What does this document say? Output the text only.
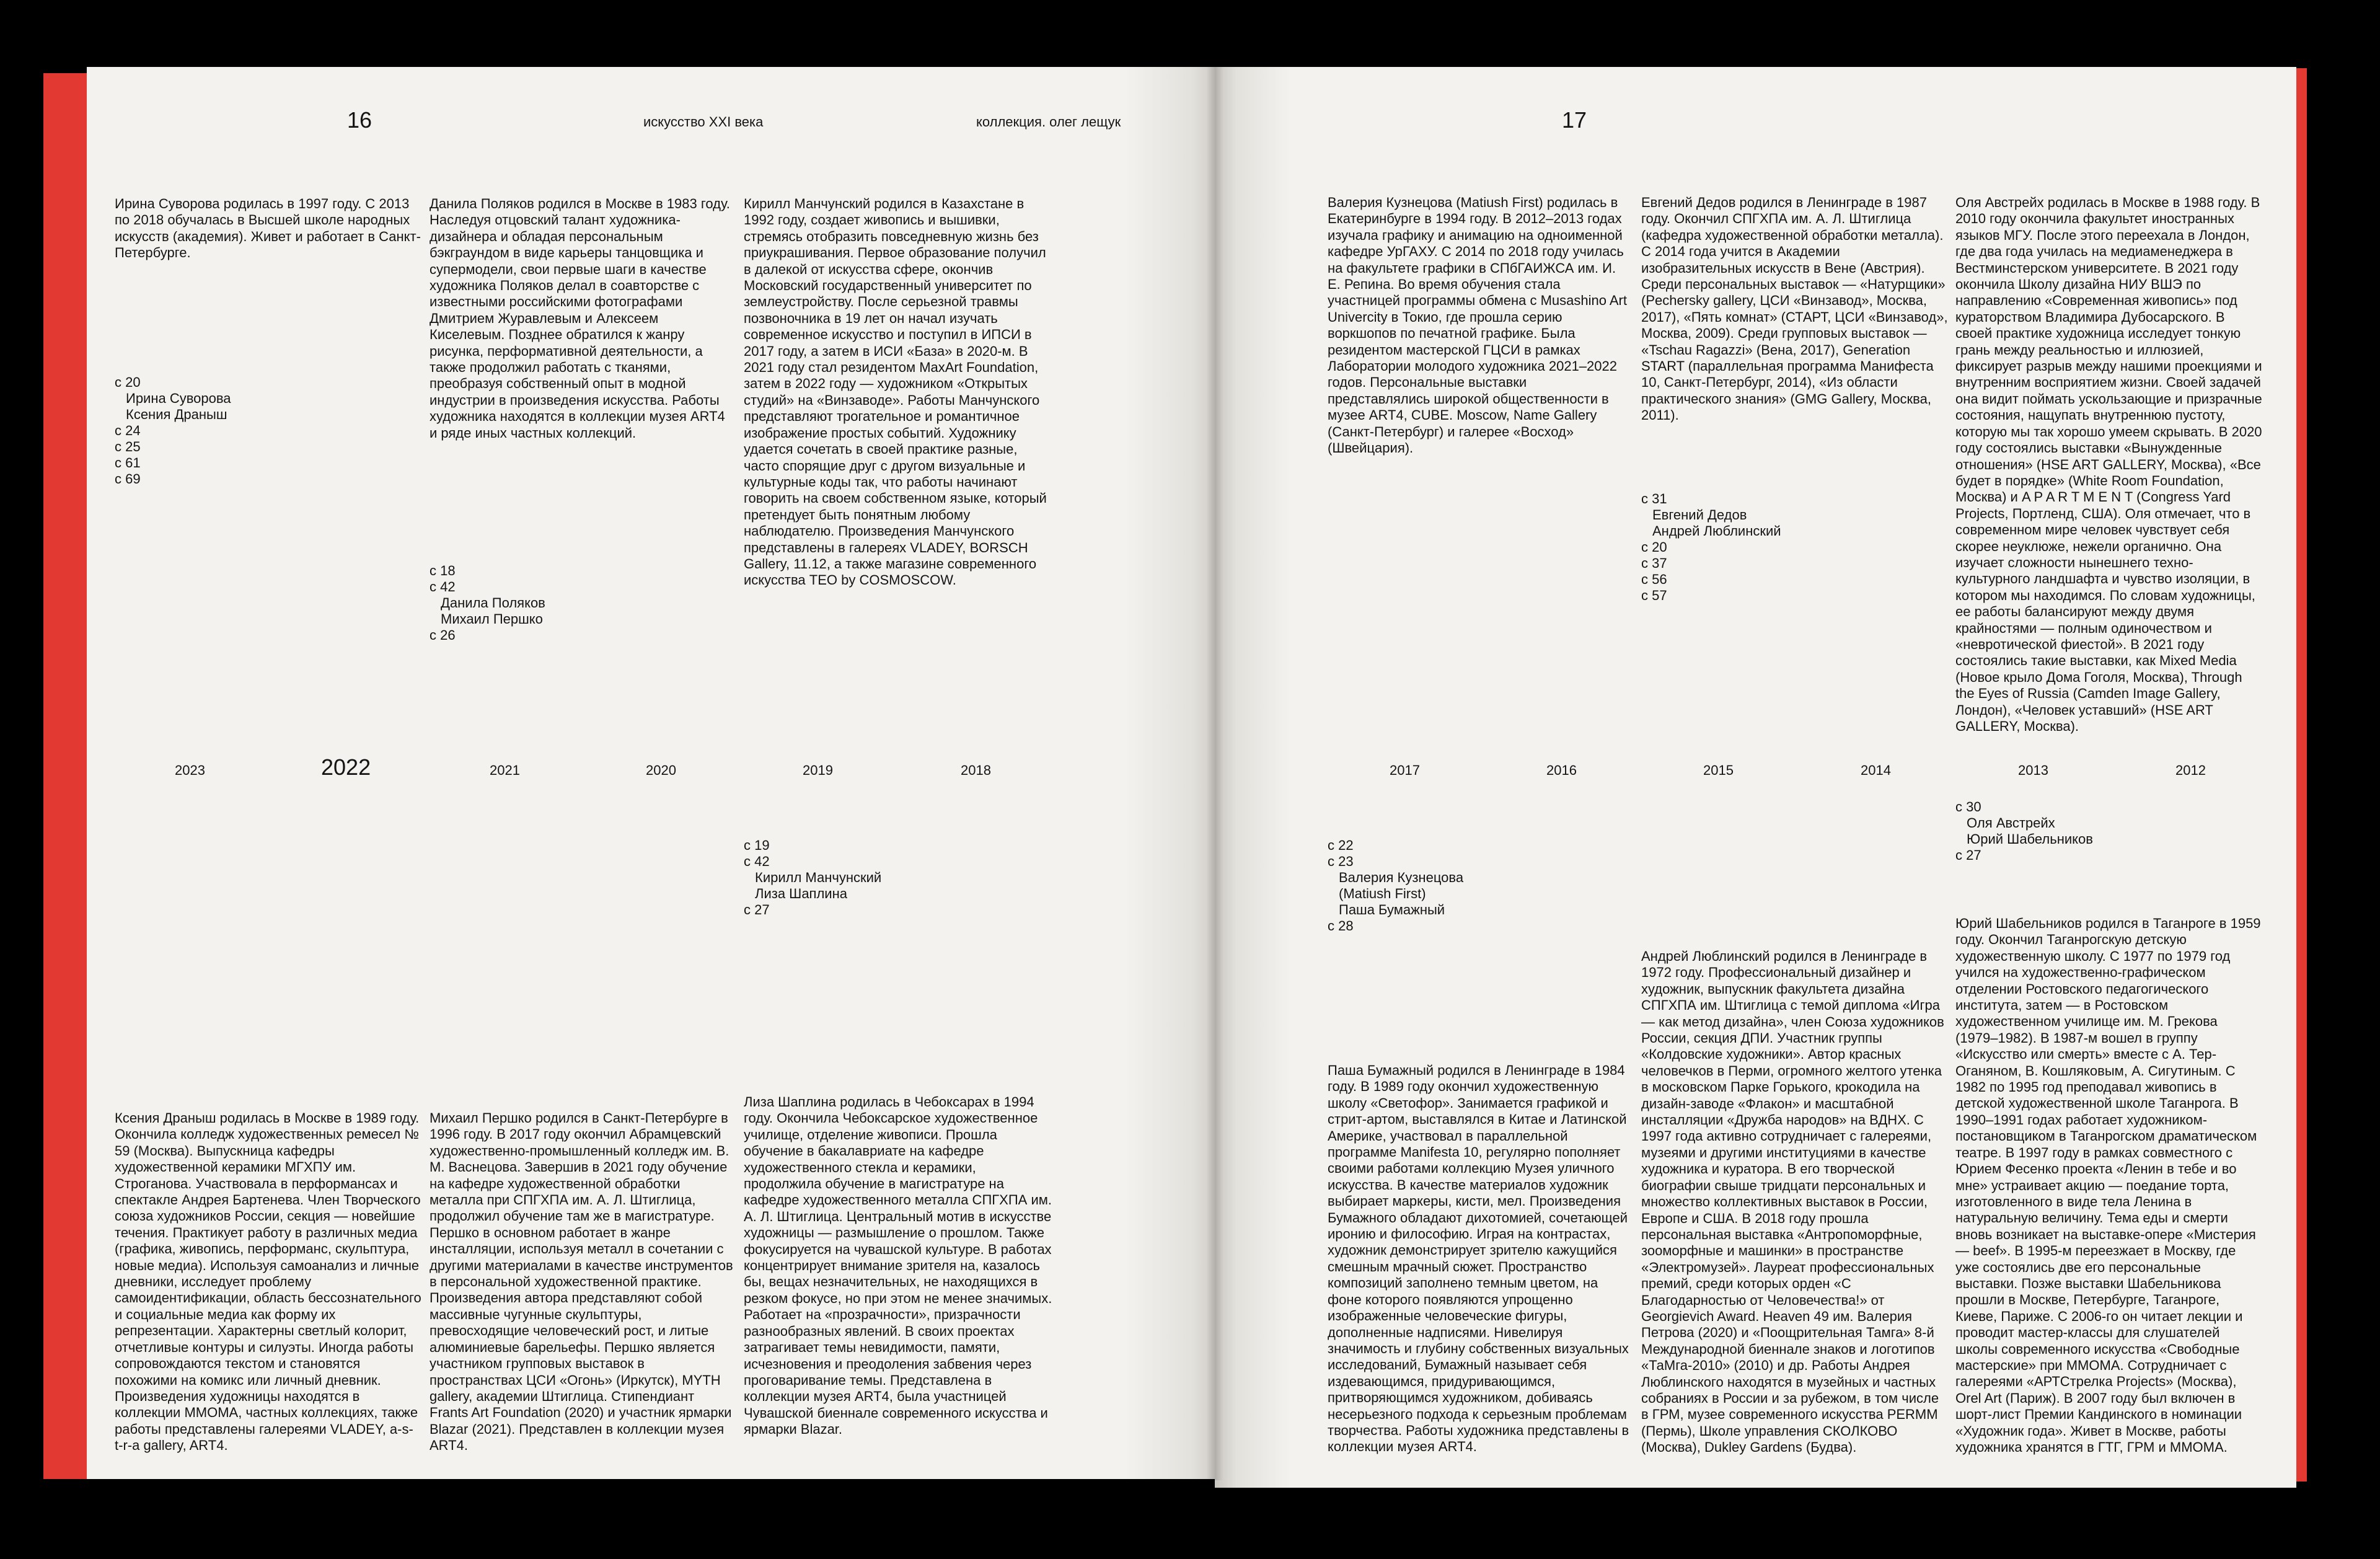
16	искусство XXI века	коллекция. олег лещук
Ирина Суворова родилась в 1997 году. С 2013 по 2018 обучалась в Высшей школе народных искусств (академия). Живет и работает в Санкт-Петербурге.
Данила Поляков родился в Москве в 1983 году. Наследуя отцовский талант художника-дизайнера и обладая персональным бэкграундом в виде карьеры танцовщика и супермодели, свои первые шаги в качестве художника Поляков делал в соавторстве с известными российскими фотографами Дмитрием Журавлевым и Алексеем Киселевым. Позднее обратился к жанру рисунка, перформативной деятельности, а также продолжил работать с тканями, преобразуя собственный опыт в модной индустрии в произведения искусства. Работы художника находятся в коллекции музея ART4 и ряде иных частных коллекций.
Кирилл Манчунский родился в Казахстане в 1992 году, создает живопись и вышивки, стремясь отобразить повседневную жизнь без приукрашивания. Первое образование получил в далекой от искусства сфере, окончив Московский государственный университет по землеустройству. После серьезной травмы позвоночника в 19 лет он начал изучать современное искусство и поступил в ИПСИ в 2017 году, а затем в ИСИ «База» в 2020-м. В 2021 году стал резидентом MaxArt Foundation, затем в 2022 году — художником «Открытых студий» на «Винзаводе». Работы Манчунского представляют трогательное и романтичное изображение простых событий. Художнику удается сочетать в своей практике разные, часто спорящие друг с другом визуальные и культурные коды так, что работы начинают говорить на своем собственном языке, который претендует быть понятным любому наблюдателю. Произведения Манчунского представлены в галереях VLADEY, BORSCH Gallery, 11.12, а также магазине современного искусства TEO by COSMOSCOW.
c 20
Ирина Суворова
Ксения Драныш
c 24
c 25
c 61
c 69
c 18
c 42
Данила Поляков
Михаил Першко
c 26
c 19
c 42
Кирилл Манчунский
Лиза Шаплина
c 27
2023	2022	2021	2020	2019	2018
Ксения Драныш родилась в Москве в 1989 году. Окончила колледж художественных ремесел № 59 (Москва). Выпускница кафедры художественной керамики МГХПУ им. Строганова. Участвовала в перформансах и спектакле Андрея Бартенева. Член Творческого союза художников России, секция — новейшие течения. Практикует работу в различных медиа (графика, живопись, перформанс, скульптура, новые медиа). Используя самоанализ и личные дневники, исследует проблему самоидентификации, область бессознательного и социальные медиа как форму их репрезентации. Характерны светлый колорит, отчетливые контуры и силуэты. Иногда работы сопровождаются текстом и становятся похожими на комикс или личный дневник. Произведения художницы находятся в коллекции ММОМА, частных коллекциях, также работы представлены галереями VLADEY, a-s-t-r-a gallery, ART4.
Михаил Першко родился в Санкт-Петербурге в 1996 году. В 2017 году окончил Абрамцевский художественно-промышленный колледж им. В. М. Васнецова. Завершив в 2021 году обучение на кафедре художественной обработки металла при СПГХПА им. А. Л. Штиглица, продолжил обучение там же в магистратуре. Першко в основном работает в жанре инсталляции, используя металл в сочетании с другими материалами в качестве инструментов в персональной художественной практике. Произведения автора представляют собой массивные чугунные скульптуры, превосходящие человеческий рост, и литые алюминиевые барельефы. Першко является участником групповых выставок в пространствах ЦСИ «Огонь» (Иркутск), MYTH gallery, академии Штиглица. Стипендиант Frants Art Foundation (2020) и участник ярмарки Blazar (2021). Представлен в коллекции музея ART4.
Лиза Шаплина родилась в Чебоксарах в 1994 году. Окончила Чебоксарское художественное училище, отделение живописи. Прошла обучение в бакалавриате на кафедре художественного стекла и керамики, продолжила обучение в магистратуре на кафедре художественного металла СПГХПА им. А. Л. Штиглица. Центральный мотив в искусстве художницы — размышление о прошлом. Также фокусируется на чувашской культуре. В работах концентрирует внимание зрителя на, казалось бы, вещах незначительных, не находящихся в резком фокусе, но при этом не менее значимых. Работает на «прозрачности», призрачности разнообразных явлений. В своих проектах затрагивает темы невидимости, памяти, исчезновения и преодоления забвения через проговаривание темы. Представлена в коллекции музея ART4, была участницей Чувашской биеннале современного искусства и ярмарки Blazar.
17
Валерия Кузнецова (Matiush First) родилась в Екатеринбурге в 1994 году. В 2012–2013 годах изучала графику и анимацию на одноименной кафедре УрГАХУ. С 2014 по 2018 году училась на факультете графики в СПбГАИЖСА им. И. Е. Репина. Во время обучения стала участницей программы обмена с Musashino Art Univercity в Токио, где прошла серию воркшопов по печатной графике. Была резидентом мастерской ГЦСИ в рамках Лаборатории молодого художника 2021–2022 годов. Персональные выставки представлялись широкой общественности в музее ART4, CUBE. Moscow, Name Gallery (Санкт-Петербург) и галерее «Восход» (Швейцария).
Евгений Дедов родился в Ленинграде в 1987 году. Окончил СПГХПА им. А. Л. Штиглица (кафедра художественной обработки металла). С 2014 года учится в Академии изобразительных искусств в Вене (Австрия). Среди персональных выставок — «Натурщики» (Pechersky gallery, ЦСИ «Винзавод», Москва, 2017), «Пять комнат» (СТАРТ, ЦСИ «Винзавод», Москва, 2009). Среди групповых выставок — «Tschau Ragazzi» (Вена, 2017), Generation START (параллельная программа Манифеста 10, Санкт-Петербург, 2014), «Из области практического знания» (GMG Gallery, Москва, 2011).
Оля Австрейх родилась в Москве в 1988 году. В 2010 году окончила факультет иностранных языков МГУ. После этого переехала в Лондон, где два года училась на медиаменеджера в Вестминстерском университете. В 2021 году окончила Школу дизайна НИУ ВШЭ по направлению «Современная живопись» под кураторством Владимира Дубосарского. В своей практике художница исследует тонкую грань между реальностью и иллюзией, фиксирует разрыв между нашими проекциями и внутренним восприятием жизни. Своей задачей она видит поймать ускользающие и призрачные состояния, нащупать внутреннюю пустоту, которую мы так хорошо умеем скрывать. В 2020 году состоялись выставки «Вынужденные отношения» (HSE ART GALLERY, Москва), «Все будет в порядке» (White Room Foundation, Москва) и A P A R T M E N T (Congress Yard Projects, Портленд, США). Оля отмечает, что в современном мире человек чувствует себя скорее неуклюже, нежели органично. Она изучает сложности нынешнего техно-культурного ландшафта и чувство изоляции, в котором мы находимся. По словам художницы, ее работы балансируют между двумя крайностями — полным одиночеством и «невротической фиестой». В 2021 году состоялись такие выставки, как Mixed Media (Новое крыло Дома Гоголя, Москва), Through the Eyes of Russia (Camden Image Gallery, Лондон), «Человек уставший» (HSE ART GALLERY, Москва).
c 31
Евгений Дедов
Андрей Люблинский
c 20
c 37
c 56
c 57
c 22
c 23
Валерия Кузнецова
(Matiush First)
Паша Бумажный
c 28
c 30
Оля Австрейх
Юрий Шабельников
c 27
2017	2016	2015	2014	2013	2012
Паша Бумажный родился в Ленинграде в 1984 году. В 1989 году окончил художественную школу «Светофор». Занимается графикой и стрит-артом, выставлялся в Китае и Латинской Америке, участвовал в параллельной программе Manifesta 10, регулярно пополняет своими работами коллекцию Музея уличного искусства. В качестве материалов художник выбирает маркеры, кисти, мел. Произведения Бумажного обладают дихотомией, сочетающей иронию и философию. Играя на контрастах, художник демонстрирует зрителю кажущийся смешным мрачный сюжет. Пространство композиций заполнено темным цветом, на фоне которого появляются упрощенно изображенные человеческие фигуры, дополненные надписями. Нивелируя значимость и глубину собственных визуальных исследований, Бумажный называет себя издевающимся, придуривающимся, притворяющимся художником, добиваясь несерьезного подхода к серьезным проблемам творчества. Работы художника представлены в коллекции музея ART4.
Андрей Люблинский родился в Ленинграде в 1972 году. Профессиональный дизайнер и художник, выпускник факультета дизайна СПГХПА им. Штиглица с темой диплома «Игра — как метод дизайна», член Союза художников России, секция ДПИ. Участник группы «Колдовские художники». Автор красных человечков в Перми, огромного желтого утенка в московском Парке Горького, крокодила на дизайн-заводе «Флакон» и масштабной инсталляции «Дружба народов» на ВДНХ. С 1997 года активно сотрудничает с галереями, музеями и другими институциями в качестве художника и куратора. В его творческой биографии свыше тридцати персональных и множество коллективных выставок в России, Европе и США. В 2018 году прошла персональная выставка «Антропоморфные, зооморфные и машинки» в пространстве «Электромузей». Лауреат профессиональных премий, среди которых орден «С Благодарностью от Человечества!» от Georgievich Award. Heaven 49 им. Валерия Петрова (2020) и «Поощрительная Тамга» 8-й Международной биеннале знаков и логотипов «ТаМга-2010» (2010) и др. Работы Андрея Люблинского находятся в музейных и частных собраниях в России и за рубежом, в том числе в ГРМ, музее современного искусства PERMM (Пермь), Школе управления СКОЛКОВО (Москва), Dukley Gardens (Будва).
Юрий Шабельников родился в Таганроге в 1959 году. Окончил Таганрогскую детскую художественную школу. С 1977 по 1979 год учился на художественно-графическом отделении Ростовского педагогического института, затем — в Ростовском художественном училище им. М. Грекова (1979–1982). В 1987-м вошел в группу «Искусство или смерть» вместе с А. Тер-Оганяном, В. Кошляковым, А. Сигутиным. С 1982 по 1995 год преподавал живопись в детской художественной школе Таганрога. В 1990–1991 годах работает художником-постановщиком в Таганрогском драматическом театре. В 1997 году в рамках совместного с Юрием Фесенко проекта «Ленин в тебе и во мне» устраивает акцию — поедание торта, изготовленного в виде тела Ленина в натуральную величину. Тема еды и смерти вновь возникает на выставке-опере «Мистерия — beef». В 1995-м переезжает в Москву, где уже состоялись две его персональные выставки. Позже выставки Шабельникова прошли в Москве, Петербурге, Таганроге, Киеве, Париже. С 2006-го он читает лекции и проводит мастер-классы для слушателей школы современного искусства «Свободные мастерские» при ММОМА. Сотрудничает с галереями «АРТСтрелка Projects» (Москва), Orel Art (Париж). В 2007 году был включен в шорт-лист Премии Кандинского в номинации «Художник года». Живет в Москве, работы художника хранятся в ГТГ, ГРМ и ММОМА.
